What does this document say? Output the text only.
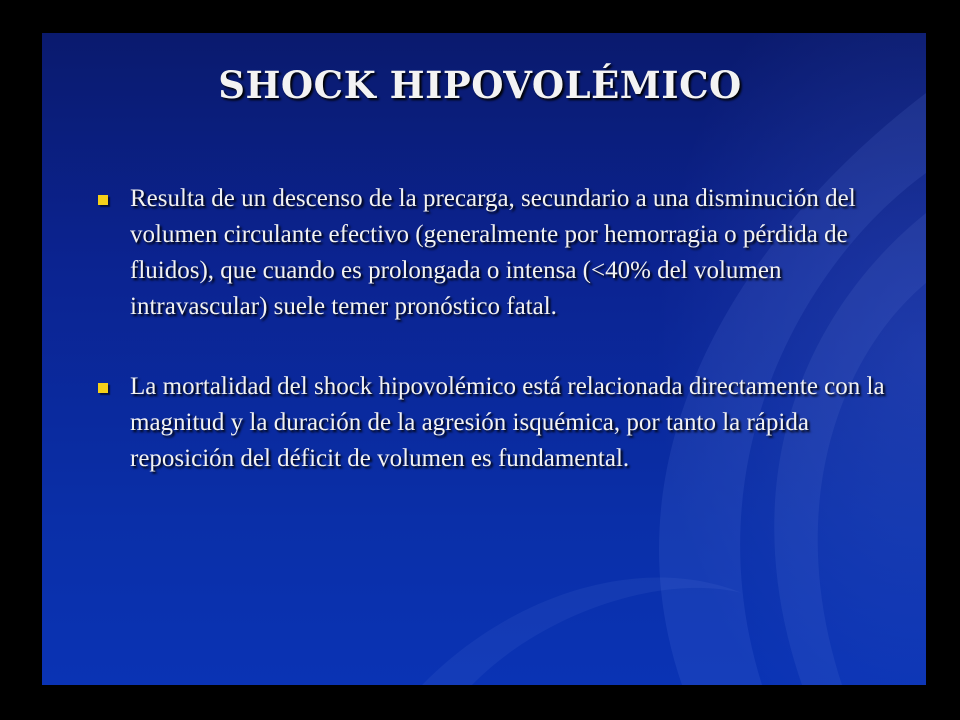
SHOCK HIPOVOLÉMICO
Resulta de un descenso de la precarga, secundario a una disminución del volumen circulante efectivo (generalmente por hemorragia o pérdida de fluidos), que cuando es prolongada o intensa (<40% del volumen intravascular) suele temer pronóstico fatal.
La mortalidad del shock hipovolémico está relacionada directamente con la magnitud y la duración de la agresión isquémica, por tanto la rápida reposición del déficit de volumen es fundamental.
